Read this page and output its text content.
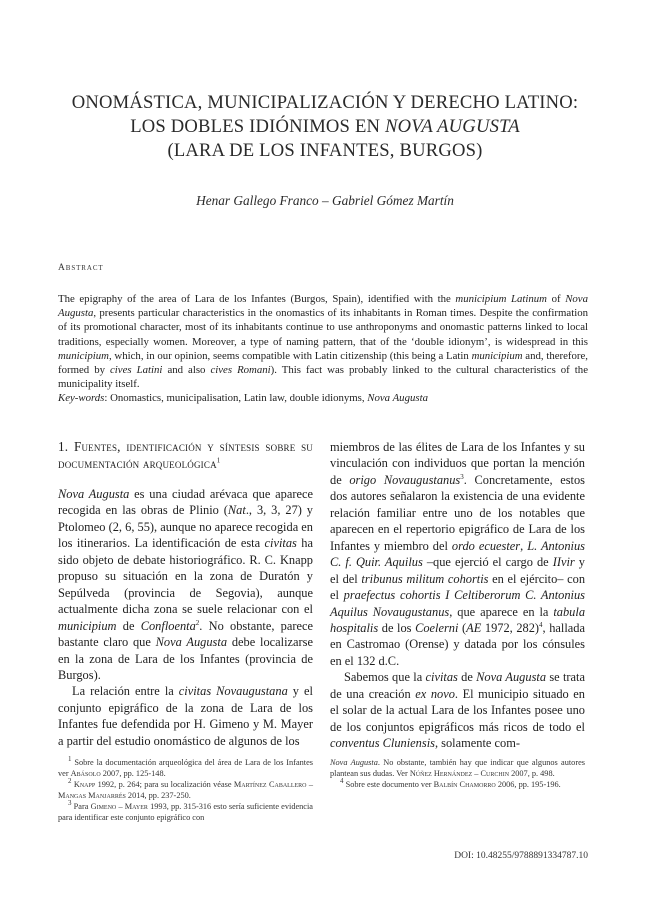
ONOMÁSTICA, MUNICIPALIZACIÓN Y DERECHO LATINO:
LOS DOBLES IDIÓNIMOS EN NOVA AUGUSTA
(LARA DE LOS INFANTES, BURGOS)
Henar Gallego Franco – Gabriel Gómez Martín
Abstract
The epigraphy of the area of Lara de los Infantes (Burgos, Spain), identified with the municipium Latinum of Nova Augusta, presents particular characteristics in the onomastics of its inhabitants in Roman times. Despite the confirmation of its promotional character, most of its inhabitants continue to use anthroponyms and onomastic patterns linked to local traditions, especially women. Moreover, a type of naming pattern, that of the ‘double idionym’, is widespread in this municipium, which, in our opinion, seems compatible with Latin citizenship (this being a Latin municipium and, therefore, formed by cives Latini and also cives Romani). This fact was probably linked to the cultural characteristics of the municipality itself.
Key-words: Onomastics, municipalisation, Latin law, double idionyms, Nova Augusta
1. Fuentes, identificación y síntesis sobre su documentación arqueológica$^1$

Nova Augusta es una ciudad arévaca que aparece recogida en las obras de Plinio (Nat., 3, 3, 27) y Ptolomeo (2, 6, 55), aunque no aparece recogida en los itinerarios. La identificación de esta civitas ha sido objeto de debate historiográfico. R. C. Knapp propuso su situación en la zona de Duratón y Sepúlveda (provincia de Segovia), aunque actualmente dicha zona se suele relacionar con el municipium de Confloenta$^2$. No obstante, parece bastante claro que Nova Augusta debe localizarse en la zona de Lara de los Infantes (provincia de Burgos).

La relación entre la civitas Novaugustana y el conjunto epigráfico de la zona de Lara de los Infantes fue defendida por H. Gimeno y M. Mayer a partir del estudio onomástico de algunos de los

miembros de las élites de Lara de los Infantes y su vinculación con individuos que portan la mención de origo Novaugustanus$^3$. Concretamente, estos dos autores señalaron la existencia de una evidente relación familiar entre uno de los notables que aparecen en el repertorio epigráfico de Lara de los Infantes y miembro del ordo ecuester, L. Antonius C. f. Quir. Aquilus –que ejerció el cargo de IIvir y el del tribunus militum cohortis en el ejército– con el praefectus cohortis I Celtiberorum C. Antonius Aquilus Novaugustanus, que aparece en la tabula hospitalis de los Coelerni (AE 1972, 282)$^4$, hallada en Castromao (Orense) y datada por los cónsules en el 132 d.C.

Sabemos que la civitas de Nova Augusta se trata de una creación ex novo. El municipio situado en el solar de la actual Lara de los Infantes posee uno de los conjuntos epigráficos más ricos de todo el conventus Cluniensis, solamente com-

$^1$ Sobre la documentación arqueológica del área de Lara de los Infantes ver Abásolo 2007, pp. 125-148.

$^2$ Knapp 1992, p. 264; para su localización véase Martínez Caballero – Mangas Manjarrés 2014, pp. 237-250.

$^3$ Para Gimeno – Mayer 1993, pp. 315-316 esto sería suficiente evidencia para identificar este conjunto epigráfico con

Nova Augusta. No obstante, también hay que indicar que algunos autores plantean sus dudas. Ver Núñez Hernández – Curchin 2007, p. 498.

$^4$ Sobre este documento ver Balbín Chamorro 2006, pp. 195-196.

DOI: 10.48255/9788891334787.10
